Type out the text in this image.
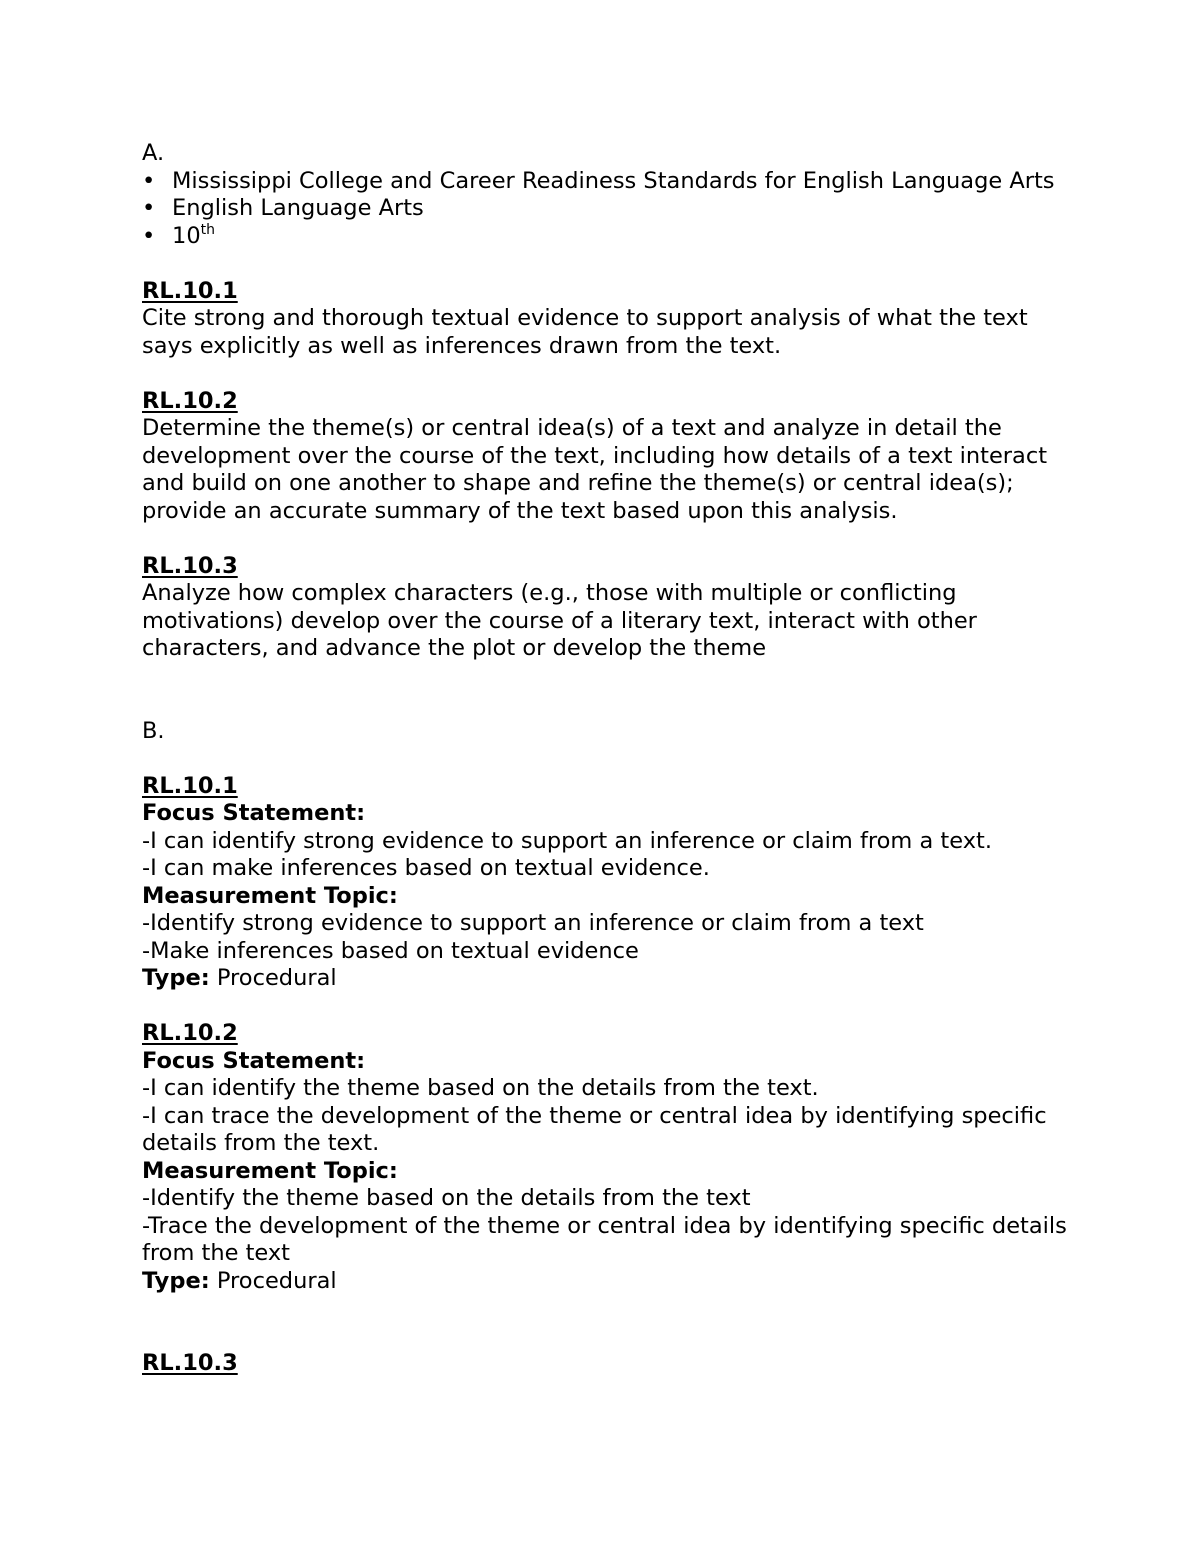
A.
• Mississippi College and Career Readiness Standards for English Language Arts
• English Language Arts
• 10th
RL.10.1
Cite strong and thorough textual evidence to support analysis of what the text says explicitly as well as inferences drawn from the text.
RL.10.2
Determine the theme(s) or central idea(s) of a text and analyze in detail the development over the course of the text, including how details of a text interact and build on one another to shape and refine the theme(s) or central idea(s); provide an accurate summary of the text based upon this analysis.
RL.10.3
Analyze how complex characters (e.g., those with multiple or conflicting motivations) develop over the course of a literary text, interact with other characters, and advance the plot or develop the theme
B.
RL.10.1
Focus Statement:
-I can identify strong evidence to support an inference or claim from a text.
-I can make inferences based on textual evidence.
Measurement Topic:
-Identify strong evidence to support an inference or claim from a text
-Make inferences based on textual evidence
Type: Procedural
RL.10.2
Focus Statement:
-I can identify the theme based on the details from the text.
-I can trace the development of the theme or central idea by identifying specific details from the text.
Measurement Topic:
-Identify the theme based on the details from the text
-Trace the development of the theme or central idea by identifying specific details from the text
Type: Procedural
RL.10.3
